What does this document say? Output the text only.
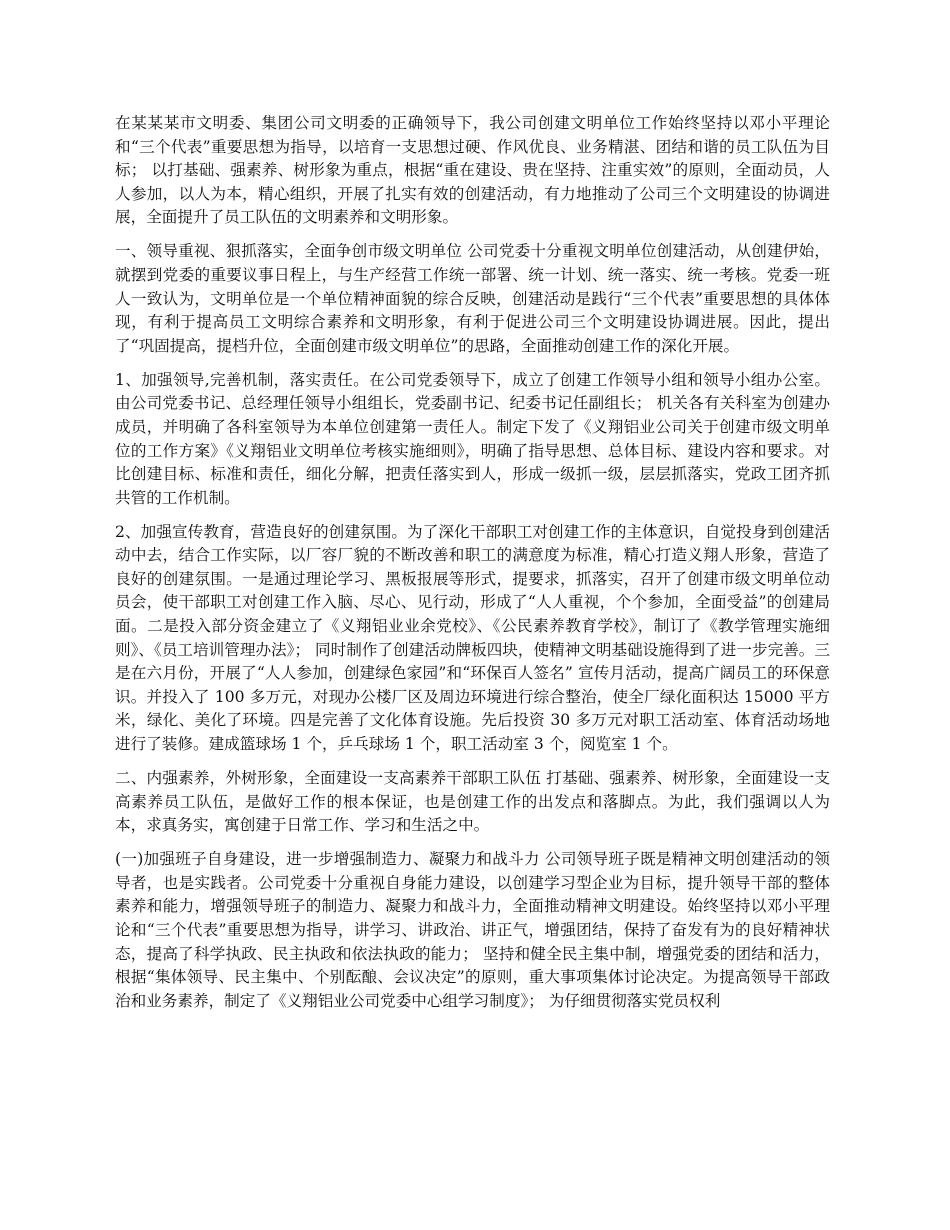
在某某某市文明委、集团公司文明委的正确领导下，我公司创建文明单位工作始终坚持以邓小平理论和“三个代表”重要思想为指导，以培育一支思想过硬、作风优良、业务精湛、团结和谐的员工队伍为目标； 以打基础、强素养、树形象为重点，根据“重在建设、贵在坚持、注重实效”的原则，全面动员，人人参加，以人为本，精心组织，开展了扎实有效的创建活动，有力地推动了公司三个文明建设的协调进展，全面提升了员工队伍的文明素养和文明形象。

一、领导重视、狠抓落实，全面争创市级文明单位 公司党委十分重视文明单位创建活动，从创建伊始，就摆到党委的重要议事日程上，与生产经营工作统一部署、统一计划、统一落实、统一考核。党委一班人一致认为，文明单位是一个单位精神面貌的综合反映，创建活动是践行“三个代表”重要思想的具体体现，有利于提高员工文明综合素养和文明形象，有利于促进公司三个文明建设协调进展。因此，提出了“巩固提高，提档升位，全面创建市级文明单位”的思路，全面推动创建工作的深化开展。

1、加强领导,完善机制，落实责任。在公司党委领导下，成立了创建工作领导小组和领导小组办公室。由公司党委书记、总经理任领导小组组长，党委副书记、纪委书记任副组长； 机关各有关科室为创建办成员，并明确了各科室领导为本单位创建第一责任人。制定下发了《义翔铝业公司关于创建市级文明单位的工作方案》《义翔铝业文明单位考核实施细则》，明确了指导思想、总体目标、建设内容和要求。对比创建目标、标准和责任，细化分解，把责任落实到人，形成一级抓一级，层层抓落实，党政工团齐抓共管的工作机制。

2、加强宣传教育，营造良好的创建氛围。为了深化干部职工对创建工作的主体意识，自觉投身到创建活动中去，结合工作实际，以厂容厂貌的不断改善和职工的满意度为标准，精心打造义翔人形象，营造了良好的创建氛围。一是通过理论学习、黑板报展等形式，提要求，抓落实，召开了创建市级文明单位动员会，使干部职工对创建工作入脑、尽心、见行动，形成了“人人重视，个个参加，全面受益”的创建局面。二是投入部分资金建立了《义翔铝业业余党校》、《公民素养教育学校》，制订了《教学管理实施细则》、《员工培训管理办法》； 同时制作了创建活动牌板四块，使精神文明基础设施得到了进一步完善。三是在六月份，开展了“人人参加，创建绿色家园”和“环保百人签名” 宣传月活动，提高广阔员工的环保意识。并投入了 100 多万元，对现办公楼厂区及周边环境进行综合整治，使全厂绿化面积达 15000 平方米，绿化、美化了环境。四是完善了文化体育设施。先后投资 30 多万元对职工活动室、体育活动场地进行了装修。建成篮球场 1 个，乒乓球场 1 个，职工活动室 3 个，阅览室 1 个。

二、内强素养，外树形象，全面建设一支高素养干部职工队伍 打基础、强素养、树形象，全面建设一支高素养员工队伍，是做好工作的根本保证，也是创建工作的出发点和落脚点。为此，我们强调以人为本，求真务实，寓创建于日常工作、学习和生活之中。

(一)加强班子自身建设，进一步增强制造力、凝聚力和战斗力 公司领导班子既是精神文明创建活动的领导者，也是实践者。公司党委十分重视自身能力建设，以创建学习型企业为目标，提升领导干部的整体素养和能力，增强领导班子的制造力、凝聚力和战斗力，全面推动精神文明建设。始终坚持以邓小平理论和“三个代表”重要思想为指导，讲学习、讲政治、讲正气，增强团结，保持了奋发有为的良好精神状态，提高了科学执政、民主执政和依法执政的能力； 坚持和健全民主集中制，增强党委的团结和活力，根据“集体领导、民主集中、个别酝酿、会议决定”的原则，重大事项集体讨论决定。为提高领导干部政治和业务素养，制定了《义翔铝业公司党委中心组学习制度》； 为仔细贯彻落实党员权利
